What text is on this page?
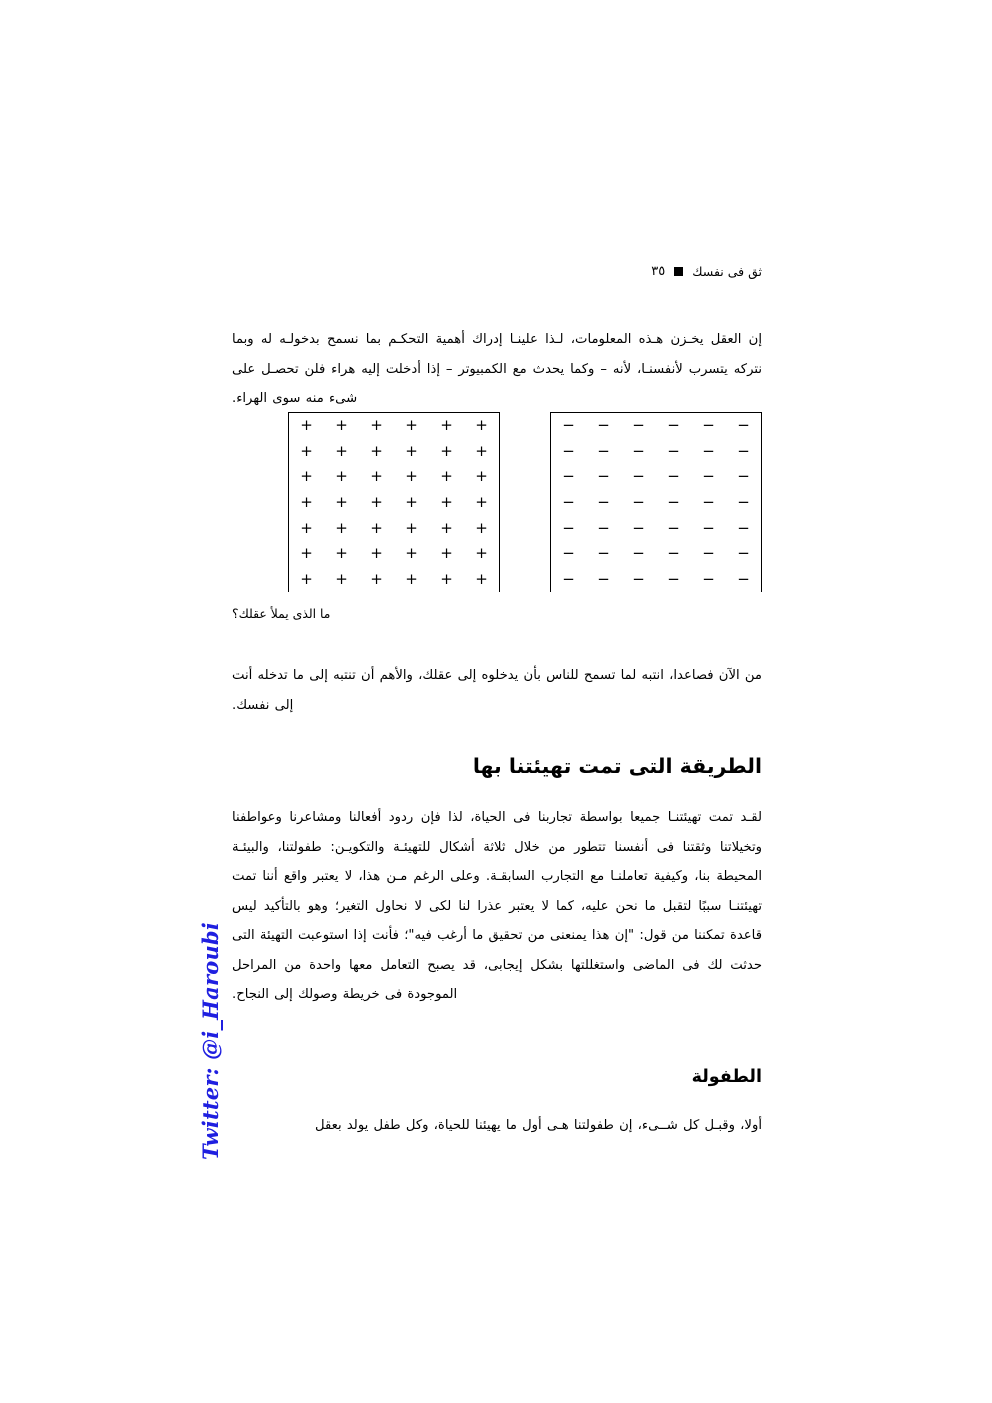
ثق فى نفسك
٣٥

إن العقل يخـزن هـذه المعلومات، لـذا علينـا إدراك أهمية التحكـم بما نسمح بدخولـه له وبما نتركه يتسرب لأنفسنـا، لأنه – وكما يحدث مع الكمبيوتر – إذا أدخلت إليه هراء فلن تحصـل على شىء منه سوى الهراء.

+ + + + + +
+ + + + + +
+ + + + + +
+ + + + + +
+ + + + + +
+ + + + + +
+ + + + + +
− − − − − −
− − − − − −
− − − − − −
− − − − − −
− − − − − −
− − − − − −
− − − − − −
ما الذى يملأ عقلك؟

من الآن فصاعدا، انتبه لما تسمح للناس بأن يدخلوه إلى عقلك، والأهم أن تنتبه إلى ما تدخله أنت إلى نفسك.

الطريقة التى تمت تهيئتنا بها

لقـد تمت تهيئتنـا جميعا بواسطة تجاربنا فى الحياة، لذا فإن ردود أفعالنا ومشاعرنا وعواطفنا وتخيلاتنا وثقتنا فى أنفسنا تتطور من خلال ثلاثة أشكال للتهيئـة والتكويـن: طفولتنا، والبيئـة المحيطة بنا، وكيفية تعاملنـا مع التجارب السابقـة. وعلى الرغم مـن هذا، لا يعتبر واقع أننا تمت تهيئتنـا سببًا لتقبل ما نحن عليه، كما لا يعتبر عذرا لنا لكى لا نحاول التغير؛ وهو بالتأكيد ليس قاعدة تمكننا من قول: "إن هذا يمنعنى من تحقيق ما أرغب فيه"؛ فأنت إذا استوعبت التهيئة التى حدثت لك فى الماضى واستغللتها بشكل إيجابى، قد يصبح التعامل معها واحدة من المراحل الموجودة فى خريطة وصولك إلى النجاح.

الطفولة

أولا، وقبـل كل شــىء، إن طفولتنا هـى أول ما يهيئنا للحياة، وكل طفل يولد بعقل

Twitter: @i_Haroubi
